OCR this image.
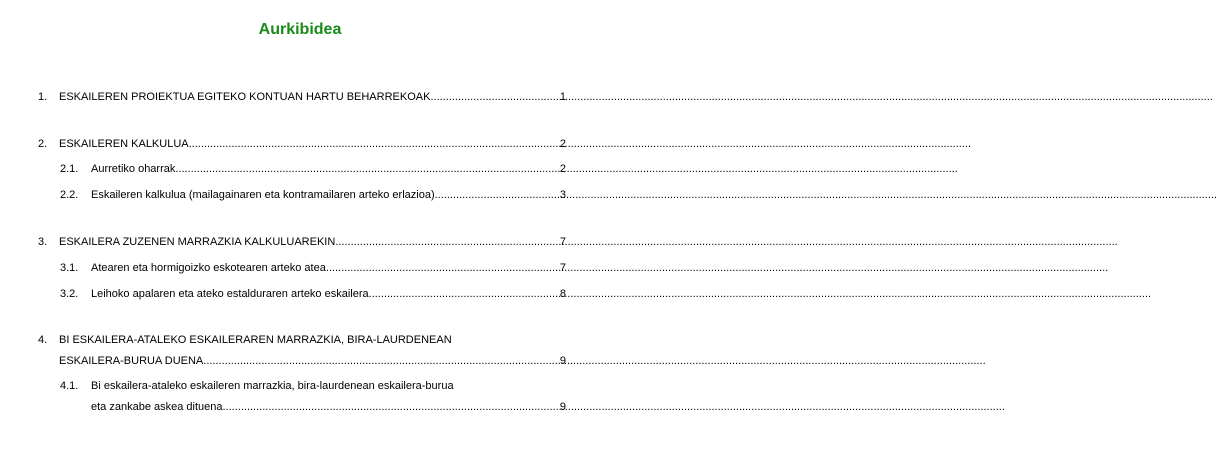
Aurkibidea
1.	ESKAILEREN PROIEKTUA EGITEKO KONTUAN HARTU BEHARREKOAK .....	1
2.	ESKAILEREN KALKULUA .....	2
2.1.	Aurretiko oharrak .....	2
2.2.	Eskaileren kalkulua (mailagainaren eta kontramailaren arteko erlazioa) .....	3
3.	ESKAILERA ZUZENEN MARRAZKIA KALKULUAREKIN .....	7
3.1.	Atearen eta hormigoizko eskotearen arteko atea .....	7
3.2.	Leihoko apalaren eta ateko estalduraren arteko eskailera .....	8
4.	BI ESKAILERA-ATALEKO ESKAILERAREN MARRAZKIA, BIRA-LAURDENEAN
ESKAILERA-BURUA DUENA .....	9
4.1.	Bi eskailera-ataleko eskaileren marrazkia, bira-laurdenean eskailera-burua
eta zankabe askea dituena .....	9
